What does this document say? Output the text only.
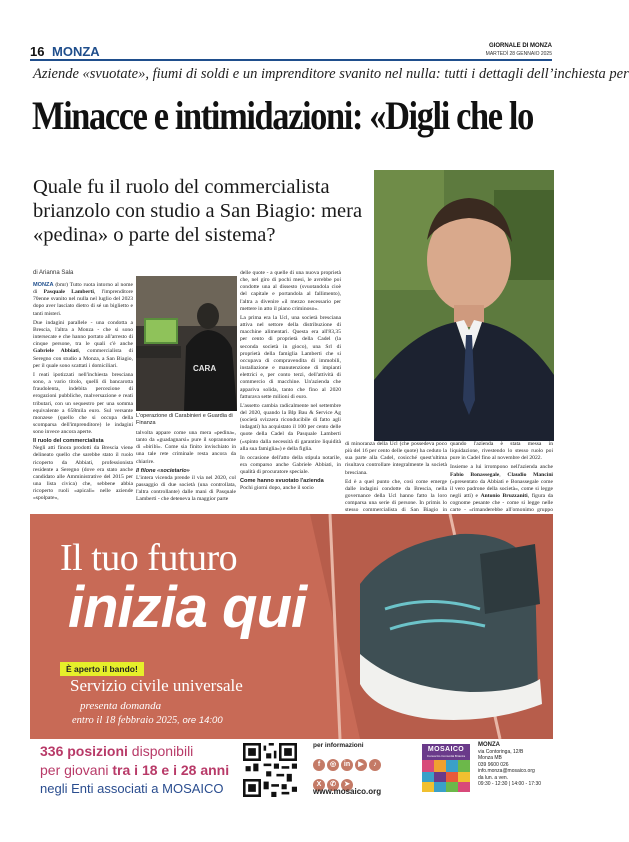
16 MONZA	GIORNALE DI MONZA
MARTEDÌ 28 GENNAIO 2025
Aziende «svuotate», fiumi di soldi e un imprenditore svanito nel nulla: tutti i dettagli dell’inchiesta per
Minacce e intimidazioni: «Digli che lo
Quale fu il ruolo del commercialista brianzolo con studio a San Biagio: mera «pedina» o parte del sistema?
di Arianna Sala

MONZA (bmr) Tutto ruota intorno al nome di Pasquale Lamberti, l'imprenditore 70enne svanito nel nulla nel luglio del 2023 dopo aver lasciato dietro di sé un biglietto e tanti misteri.

Due indagini parallele - una condotta a Brescia, l'altra a Monza - che si sono intersecate e che hanno portato all'arresto di cinque persone, tra le quali c'è anche Gabriele Abbiati, commercialista di Seregno con studio a Monza, a San Biagio, per il quale sono scattati i domiciliari.

I reati ipotizzati nell'inchiesta bresciana sono, a vario titolo, quelli di bancarotta fraudolenta, indebita percezione di erogazioni pubbliche, malversazione e reati tributari, con un sequestro per una somma equivalente a 658mila euro. Sul versante monzese (quello che si occupa della scomparsa dell'imprenditore) le indagini sono invece ancora aperte.

Il ruolo del commercialista

Negli atti finora prodotti da Brescia viene delineato quello che sarebbe stato il ruolo ricoperto da Abbiati, professionista residente a Seregno (dove era stato anche candidato alle Amministrative del 2015 per una lista civica) che, sebbene abbia ricoperto ruoli «apicali» nelle aziende «spolpate»,

CARA
L'operazione di Carabinieri e Guardia di Finanza

talvolta appare come una mera «pedina», tanto da «guadagnarsi» pure il soprannome di «biribì». Come sia finito invischiato in una tale rete criminale resta ancora da chiarire.

Il filone «societario»

L'intera vicenda prende il via nel 2020, col passaggio di due società (una controllata, l'altra controllante) dalle mani di Pasquale Lamberti - che deteneva la maggior parte

delle quote - a quelle di una nuova proprietà che, nel giro di pochi mesi, le avrebbe poi condotte una al dissesto (svuotandola cioè del capitale e portandola al fallimento), l'altra a divenire «il mezzo necessario per mettere in atto il piano criminoso».

La prima era la Ucl, una società bresciana attiva nel settore della distribuzione di macchine alimentari. Questa era all'83,35 per cento di proprietà della Cadel (la seconda società in gioco), una Srl di proprietà della famiglia Lamberti che si occupava di compravendita di immobili, installazione e manutenzione di impianti elettrici e, per conto terzi, dell'attività di commercio di macchine. Un'azienda che appariva solida, tanto che fino al 2020 fatturava sette milioni di euro.

L'assetto cambia radicalmente nel settembre del 2020, quando la Blp Bau & Service Ag (società svizzera riconducibile di fatto agli indagati) ha acquistato il 100 per cento delle quote della Cadel da Pasquale Lamberti («spinto dalla necessità di garantire liquidità alla sua famiglia») e della figlia.

In occasione dell'atto della stipula notarile, era comparso anche Gabriele Abbiati, in qualità di procuratore speciale.

Come hanno svuotato l'azienda

Pochi giorni dopo, anche il socio

di minoranza della Ucl (che possedeva poco più del 16 per cento delle quote) ha ceduto la sua parte alla Cadel, cosicché quest'ultima risultava controllare integralmente la società bresciana.

Ed è a quel punto che, così come emerge dalle indagini condotte da Brescia, nella governance della Ucl hanno fatto la loro comparsa una serie di persone. In primis lo stesso commercialista di San Biagio in

quando l'azienda è stata messa in liquidazione, rivestendo lo stesso ruolo poi pure in Cadel fino al novembre del 2022.

Insieme a lui irrompono nell'azienda anche Fabio Bonassegale, Claudio Mancini («presentato da Abbiati e Bonassegale come il vero padrone della società», come si legge negli atti) e Antonio Bruzzaniti, figura da cognome pesante che - come si legge nelle carte - «rimanderebbe all'omonimo gruppo

Il tuo futuro
inizia qui
È aperto il bando!
Servizio civile universale
presenta domanda
entro il 18 febbraio 2025, ore 14:00
336 posizioni disponibili
per giovani tra i 18 e i 28 anni
negli Enti associati a MOSAICO
per informazioni
f ◎ in ▶ ♪X ✆ ➤
www.mosaico.org
MOSAICO
Consorzio Comunità Brianza
MONZA
via Contoringa, 12/B
Monza MB
039 9600 026
info.monza@mosaico.org
da lun. a ven.
09:30 - 12:30 | 14:00 - 17:30
